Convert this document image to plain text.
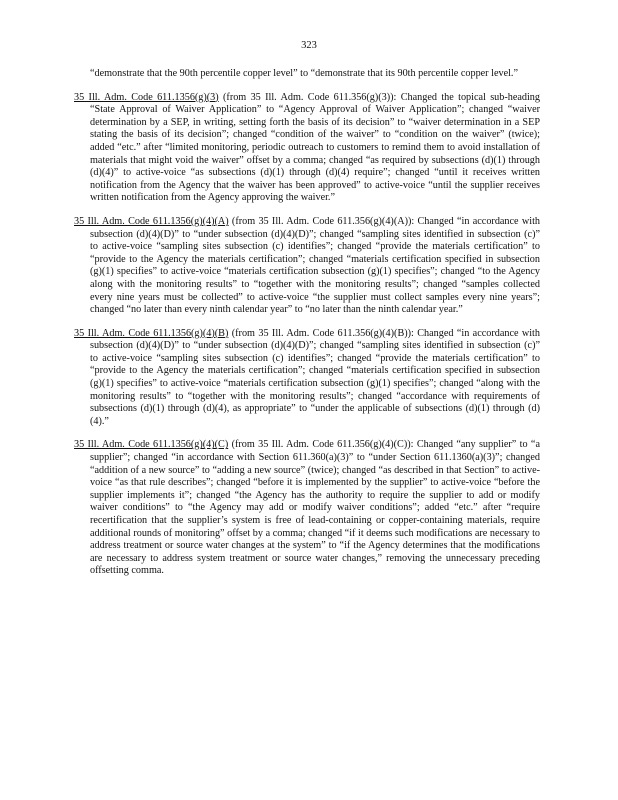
323

“demonstrate that the 90th percentile copper level” to “demonstrate that its 90th percentile copper level.”

35 Ill. Adm. Code 611.1356(g)(3) (from 35 Ill. Adm. Code 611.356(g)(3)): Changed the topical sub-heading “State Approval of Waiver Application” to “Agency Approval of Waiver Application”; changed “waiver determination by a SEP, in writing, setting forth the basis of its decision” to “waiver determination in a SEP stating the basis of its decision”; changed “condition of the waiver” to “condition on the waiver” (twice); added “etc.” after “limited monitoring, periodic outreach to customers to remind them to avoid installation of materials that might void the waiver” offset by a comma; changed “as required by subsections (d)(1) through (d)(4)” to active-voice “as subsections (d)(1) through (d)(4) require”; changed “until it receives written notification from the Agency that the waiver has been approved” to active-voice “until the supplier receives written notification from the Agency approving the waiver.”

35 Ill. Adm. Code 611.1356(g)(4)(A) (from 35 Ill. Adm. Code 611.356(g)(4)(A)): Changed “in accordance with subsection (d)(4)(D)” to “under subsection (d)(4)(D)”; changed “sampling sites identified in subsection (c)” to active-voice “sampling sites subsection (c) identifies”; changed “provide the materials certification” to “provide to the Agency the materials certification”; changed “materials certification specified in subsection (g)(1) specifies” to active-voice “materials certification subsection (g)(1) specifies”; changed “to the Agency along with the monitoring results” to “together with the monitoring results”; changed “samples collected every nine years must be collected” to active-voice “the supplier must collect samples every nine years”; changed “no later than every ninth calendar year” to “no later than the ninth calendar year.”

35 Ill. Adm. Code 611.1356(g)(4)(B) (from 35 Ill. Adm. Code 611.356(g)(4)(B)): Changed “in accordance with subsection (d)(4)(D)” to “under subsection (d)(4)(D)”; changed “sampling sites identified in subsection (c)” to active-voice “sampling sites subsection (c) identifies”; changed “provide the materials certification” to “provide to the Agency the materials certification”; changed “materials certification specified in subsection (g)(1) specifies” to active-voice “materials certification subsection (g)(1) specifies”; changed “along with the monitoring results” to “together with the monitoring results”; changed “accordance with requirements of subsections (d)(1) through (d)(4), as appropriate” to “under the applicable of subsections (d)(1) through (d)(4).”

35 Ill. Adm. Code 611.1356(g)(4)(C) (from 35 Ill. Adm. Code 611.356(g)(4)(C)): Changed “any supplier” to “a supplier”; changed “in accordance with Section 611.360(a)(3)” to “under Section 611.1360(a)(3)”; changed “addition of a new source” to “adding a new source” (twice); changed “as described in that Section” to active-voice “as that rule describes”; changed “before it is implemented by the supplier” to active-voice “before the supplier implements it”; changed “the Agency has the authority to require the supplier to add or modify waiver conditions” to “the Agency may add or modify waiver conditions”; added “etc.” after “require recertification that the supplier’s system is free of lead-containing or copper-containing materials, require additional rounds of monitoring” offset by a comma; changed “if it deems such modifications are necessary to address treatment or source water changes at the system” to “if the Agency determines that the modifications are necessary to address system treatment or source water changes,” removing the unnecessary preceding offsetting comma.
